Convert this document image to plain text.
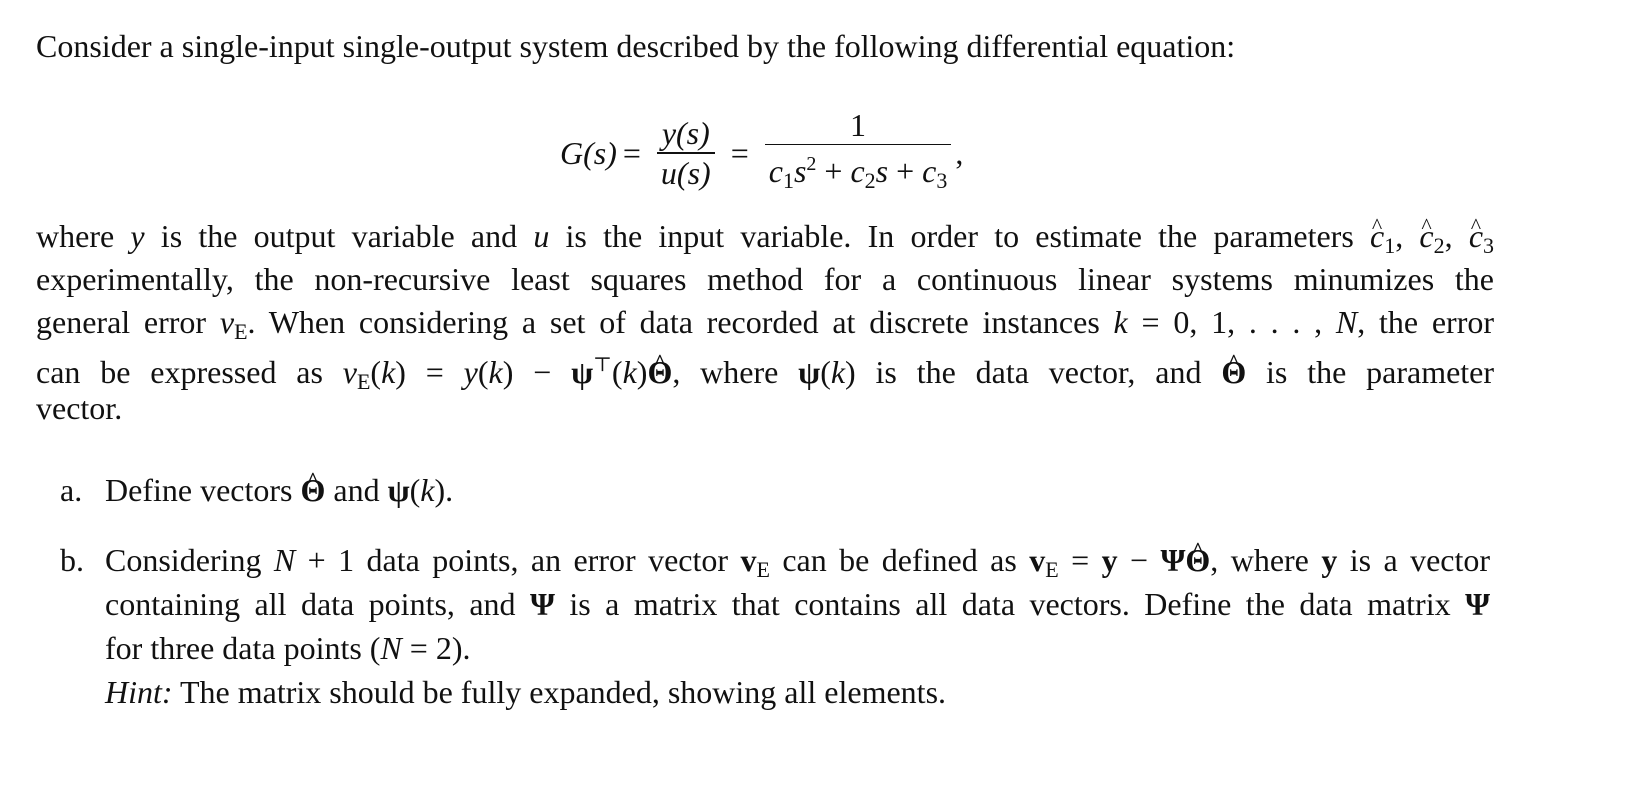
Consider a single-input single-output system described by the following differential equation:
$G(s) = \frac{y(s)}{u(s)} = \frac{1}{c_1s^2 + c_2s + c_3}$ ,
where y is the output variable and u is the input variable. In order to estimate the parameters ^ $c_1$, ^ $c_2$, ^ $c_3$
experimentally, the non-recursive least squares method for a continuous linear systems minumizes the
general error $v_E$. When considering a set of data recorded at discrete instances k = 0, 1, . . . , N, the error
can be expressed as $v_E(k) = y(k)$ − ψ⊤(k)^ Θ, where ψ(k) is the data vector, and ^ Θ is the parameter
vector.
a. Define vectors ^ Θ and ψ(k).
b. Considering N + 1 data points, an error vector $v_E$ can be defined as $v_E = y$ − Ψ^ Θ, where y is a vector
containing all data points, and Ψ is a matrix that contains all data vectors. Define the data matrix Ψ
for three data points (N = 2).
Hint: The matrix should be fully expanded, showing all elements.
